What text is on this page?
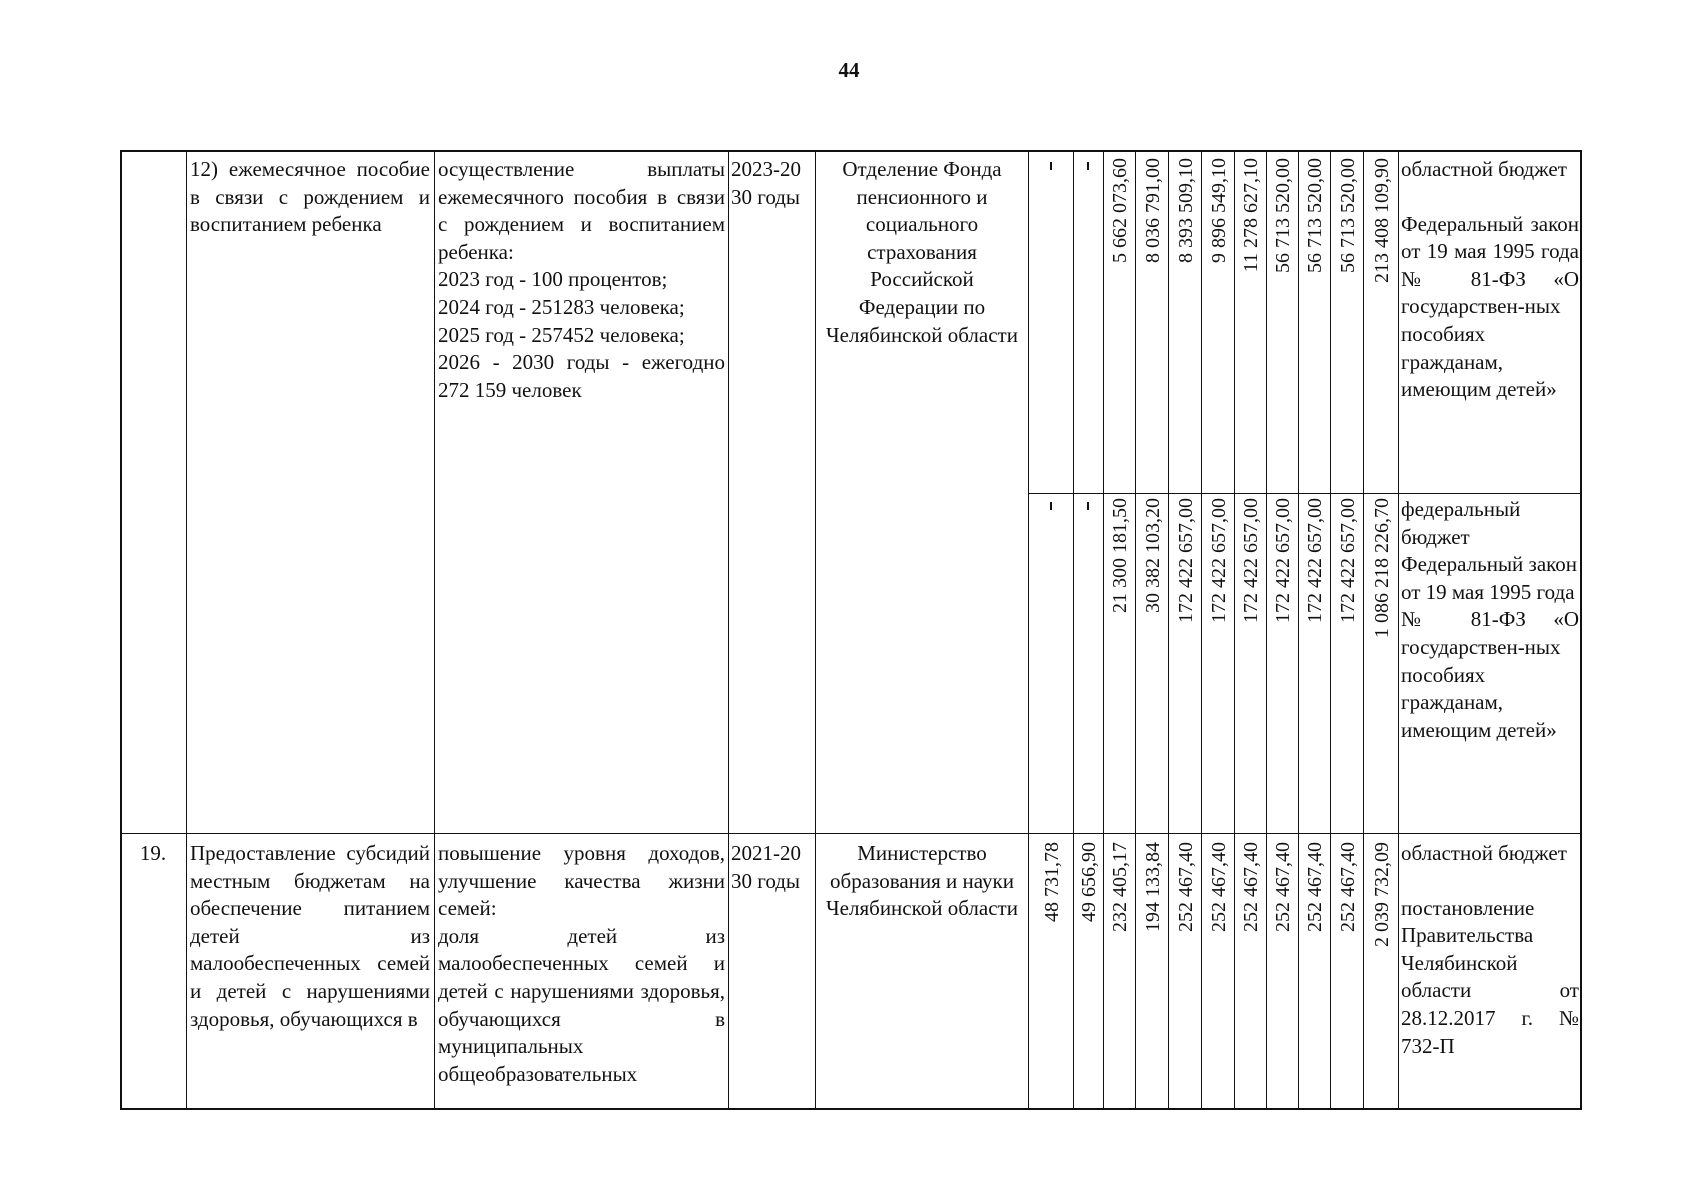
44
12) ежемесячное пособие в связи с рождением и воспитанием ребенка
осуществление выплаты ежемесячного пособия в связи с рождением и воспитанием ребенка:
2023 год - 100 процентов;
2024 год - 251283 человека;
2025 год - 257452 человека;
2026 - 2030 годы - ежегодно 272 159 человек
2023-2030 годы
Отделение Фонда пенсионного и социального страхования Российской Федерации по Челябинской области
5 662 073,60 8 036 791,00 8 393 509,10 9 896 549,10 11 278 627,10 56 713 520,00 56 713 520,00 56 713 520,00 213 408 109,90 областной бюджет
Федеральный закон от 19 мая 1995 года № 81-ФЗ «О государствен-ных пособиях гражданам, имеющим детей»
21 300 181,50 30 382 103,20 172 422 657,00 172 422 657,00 172 422 657,00 172 422 657,00 172 422 657,00 172 422 657,00 1 086 218 226,70 федеральный бюджет
Федеральный закон
от 19 мая 1995 года
№ 81-ФЗ «О государствен-ных пособиях гражданам, имеющим детей»
19.	Предоставление субсидий местным бюджетам на обеспечение питанием детей из малообеспеченных семей и детей с нарушениями здоровья, обучающихся в
повышение уровня доходов, улучшение качества жизни семей:
доля детей из малообеспеченных семей и детей с нарушениями здоровья, обучающихся в муниципальных общеобразовательных
2021-2030 годы
Министерство образования и науки Челябинской области	48 731,78 49 656,90 232 405,17 194 133,84 252 467,40 252 467,40 252 467,40 252 467,40 252 467,40 252 467,40 2 039 732,09 областной бюджет
постановление Правительства Челябинской области от 28.12.2017 г. № 732-П
